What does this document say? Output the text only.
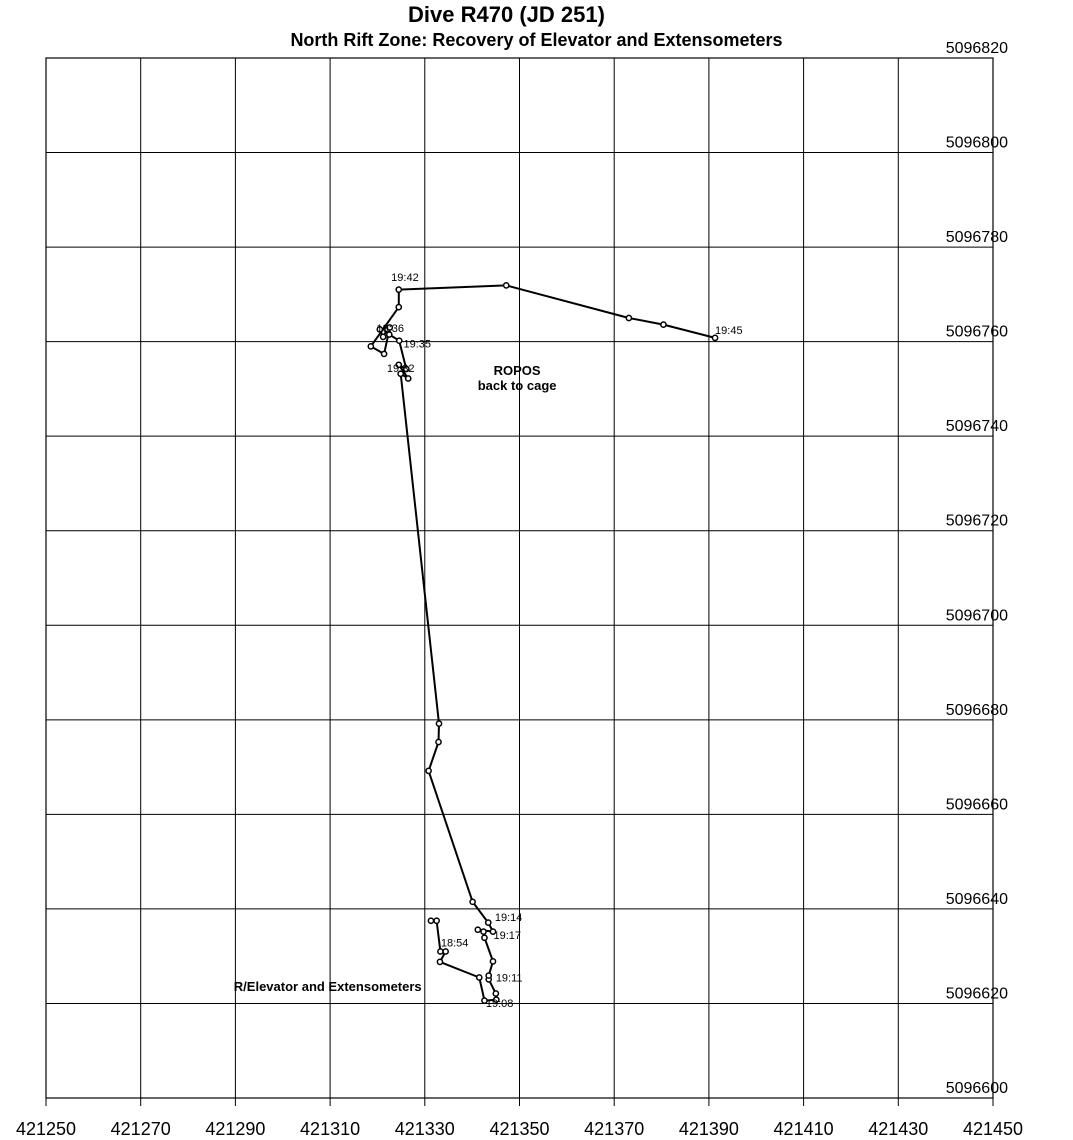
Dive R470 (JD 251)
North Rift Zone: Recovery of Elevator and Extensometers
421250 421270 421290 421310 421330 421350 421370 421390 421410 421430 421450
5096600
5096620
5096640
5096660
5096680
5096700
5096720
5096740
5096760
5096780
5096800
5096820
18:54
19:08
19:11
19:14
19:17
19:32
19:35
19:36
19:42
19:45
R/Elevator and Extensometers
ROPOS
back to cage
